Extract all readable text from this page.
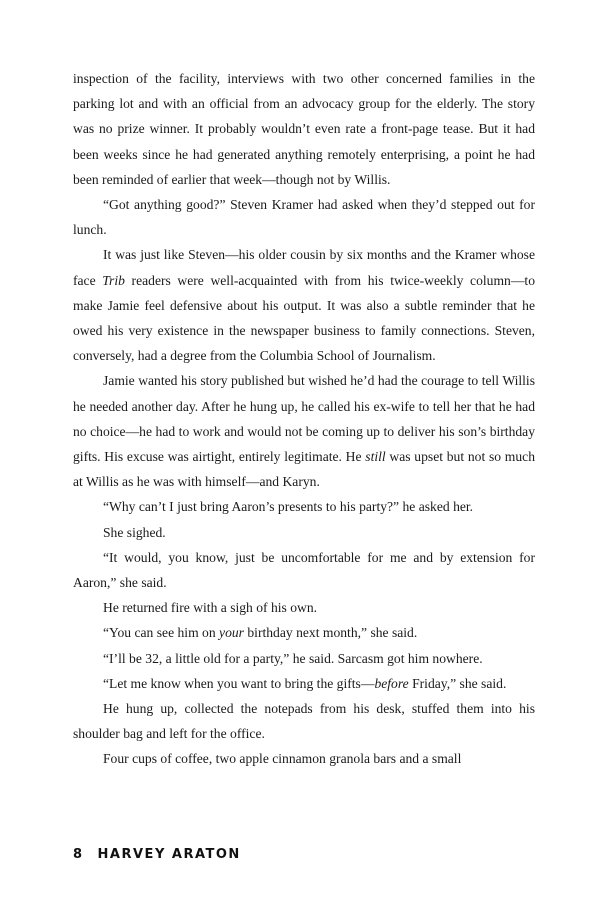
inspection of the facility, interviews with two other concerned families in the parking lot and with an official from an advocacy group for the elderly. The story was no prize winner. It probably wouldn’t even rate a front-page tease. But it had been weeks since he had generated anything remotely enterprising, a point he had been reminded of earlier that week—though not by Willis.

“Got anything good?” Steven Kramer had asked when they’d stepped out for lunch.

It was just like Steven—his older cousin by six months and the Kramer whose face Trib readers were well-acquainted with from his twice-weekly column—to make Jamie feel defensive about his output. It was also a subtle reminder that he owed his very existence in the newspaper business to family connections. Steven, conversely, had a degree from the Columbia School of Journalism.

Jamie wanted his story published but wished he’d had the courage to tell Willis he needed another day. After he hung up, he called his ex-wife to tell her that he had no choice—he had to work and would not be coming up to deliver his son’s birthday gifts. His excuse was airtight, entirely legitimate. He still was upset but not so much at Willis as he was with himself—and Karyn.

“Why can’t I just bring Aaron’s presents to his party?” he asked her.

She sighed.

“It would, you know, just be uncomfortable for me and by extension for Aaron,” she said.

He returned fire with a sigh of his own.

“You can see him on your birthday next month,” she said.

“I’ll be 32, a little old for a party,” he said. Sarcasm got him nowhere.

“Let me know when you want to bring the gifts—before Friday,” she said.

He hung up, collected the notepads from his desk, stuffed them into his shoulder bag and left for the office.

Four cups of coffee, two apple cinnamon granola bars and a small

8 HARVEY ARATON
